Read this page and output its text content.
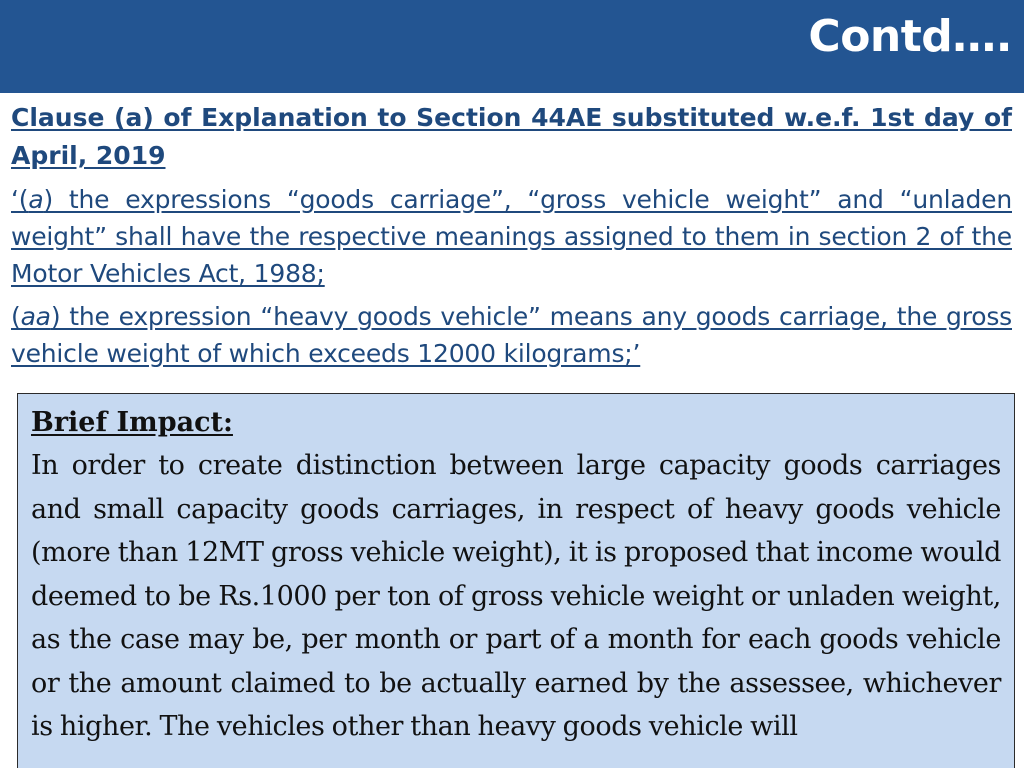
Contd….

Clause (a) of Explanation to Section 44AE substituted w.e.f. 1st day of April, 2019

‘(a) the expressions “goods carriage”, “gross vehicle weight” and “unladen weight” shall have the respective meanings assigned to them in section 2 of the Motor Vehicles Act, 1988;

(aa) the expression “heavy goods vehicle” means any goods carriage, the gross vehicle weight of which exceeds 12000 kilograms;’

Brief Impact:

In order to create distinction between large capacity goods carriages and small capacity goods carriages, in respect of heavy goods vehicle (more than 12MT gross vehicle weight), it is proposed that income would deemed to be Rs.1000 per ton of gross vehicle weight or unladen weight, as the case may be, per month or part of a month for each goods vehicle or the amount claimed to be actually earned by the assessee, whichever is higher. The vehicles other than heavy goods vehicle will
